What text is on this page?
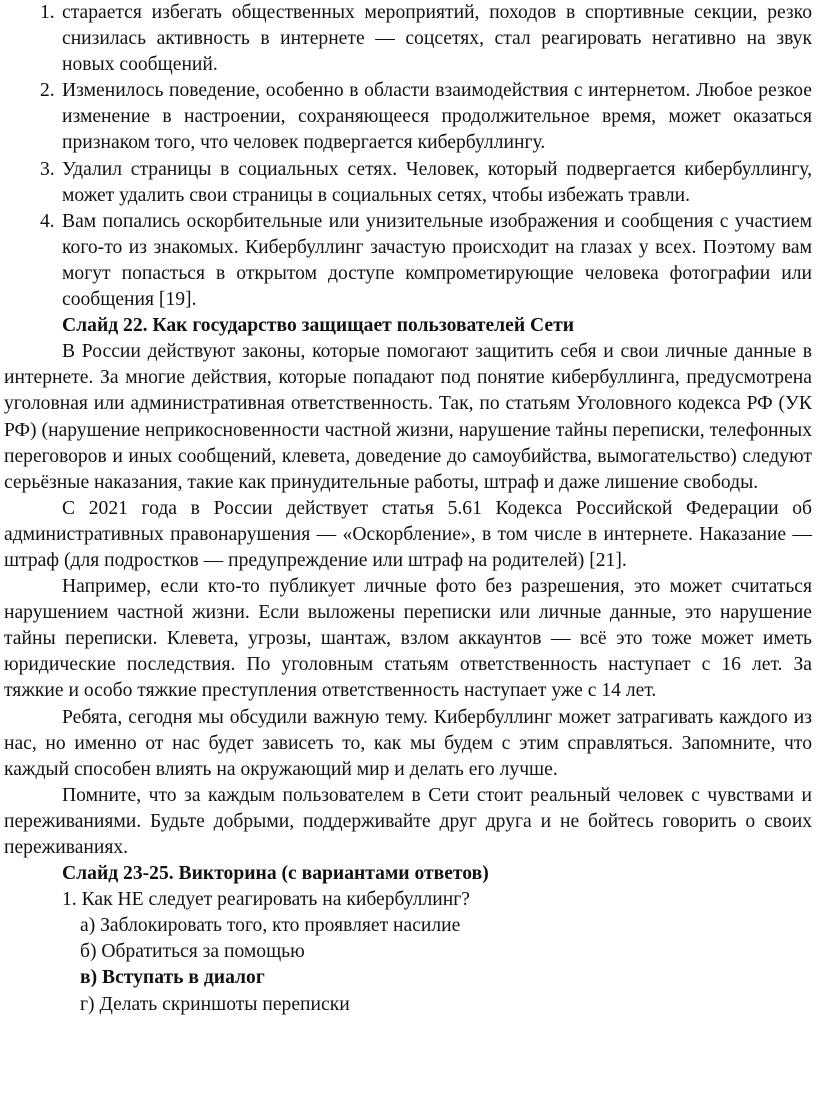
1. старается избегать общественных мероприятий, походов в спортивные секции, резко снизилась активность в интернете — соцсетях, стал реагировать негативно на звук новых сообщений.
2. Изменилось поведение, особенно в области взаимодействия с интернетом. Любое резкое изменение в настроении, сохраняющееся продолжительное время, может оказаться признаком того, что человек подвергается кибербуллингу.
3. Удалил страницы в социальных сетях. Человек, который подвергается кибербуллингу, может удалить свои страницы в социальных сетях, чтобы избежать травли.
4. Вам попались оскорбительные или унизительные изображения и сообщения с участием кого-то из знакомых. Кибербуллинг зачастую происходит на глазах у всех. Поэтому вам могут попасться в открытом доступе компрометирующие человека фотографии или сообщения [19].

Слайд 22. Как государство защищает пользователей Сети

В России действуют законы, которые помогают защитить себя и свои личные данные в интернете. За многие действия, которые попадают под понятие кибербуллинга, предусмотрена уголовная или административная ответственность. Так, по статьям Уголовного кодекса РФ (УК РФ) (нарушение неприкосновенности частной жизни, нарушение тайны переписки, телефонных переговоров и иных сообщений, клевета, доведение до самоубийства, вымогательство) следуют серьёзные наказания, такие как принудительные работы, штраф и даже лишение свободы.

С 2021 года в России действует статья 5.61 Кодекса Российской Федерации об административных правонарушения — «Оскорбление», в том числе в интернете. Наказание — штраф (для подростков — предупреждение или штраф на родителей) [21].

Например, если кто-то публикует личные фото без разрешения, это может считаться нарушением частной жизни. Если выложены переписки или личные данные, это нарушение тайны переписки. Клевета, угрозы, шантаж, взлом аккаунтов — всё это тоже может иметь юридические последствия. По уголовным статьям ответственность наступает с 16 лет. За тяжкие и особо тяжкие преступления ответственность наступает уже с 14 лет.

Ребята, сегодня мы обсудили важную тему. Кибербуллинг может затрагивать каждого из нас, но именно от нас будет зависеть то, как мы будем с этим справляться. Запомните, что каждый способен влиять на окружающий мир и делать его лучше.

Помните, что за каждым пользователем в Сети стоит реальный человек с чувствами и переживаниями. Будьте добрыми, поддерживайте друг друга и не бойтесь говорить о своих переживаниях.

Слайд 23-25. Викторина (с вариантами ответов)

1. Как НЕ следует реагировать на кибербуллинг?

а) Заблокировать того, кто проявляет насилие

б) Обратиться за помощью

в) Вступать в диалог

г) Делать скриншоты переписки
